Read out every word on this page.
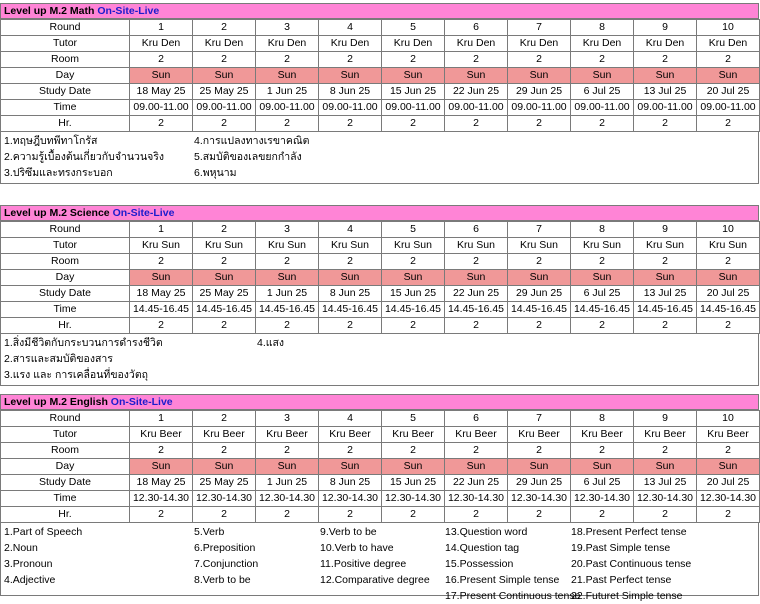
Level up M.2 Math On-Site-Live
Round	1	2	3	4	5	6	7	8	9	10
Tutor	Kru Den	Kru Den	Kru Den	Kru Den	Kru Den	Kru Den	Kru Den	Kru Den	Kru Den	Kru Den
Room	2	2	2	2	2	2	2	2	2	2
Day	Sun	Sun	Sun	Sun	Sun	Sun	Sun	Sun	Sun	Sun
Study Date	18 May 25	25 May 25	1 Jun 25	8 Jun 25	15 Jun 25	22 Jun 25	29 Jun 25	6 Jul 25	13 Jul 25	20 Jul 25
Time	09.00-11.00	09.00-11.00	09.00-11.00	09.00-11.00	09.00-11.00	09.00-11.00	09.00-11.00	09.00-11.00	09.00-11.00	09.00-11.00
Hr.	2	2	2	2	2	2	2	2	2	2
1.ทฤษฎีบทพีทาโกรัส
2.ความรู้เบื้องต้นเกี่ยวกับจำนวนจริง
3.ปริซึมและทรงกระบอก
4.การแปลงทางเรขาคณิต
5.สมบัติของเลขยกกำลัง
6.พหุนาม
Level up M.2 Science On-Site-Live
Round	1	2	3	4	5	6	7	8	9	10
Tutor	Kru Sun	Kru Sun	Kru Sun	Kru Sun	Kru Sun	Kru Sun	Kru Sun	Kru Sun	Kru Sun	Kru Sun
Room	2	2	2	2	2	2	2	2	2	2
Day	Sun	Sun	Sun	Sun	Sun	Sun	Sun	Sun	Sun	Sun
Study Date	18 May 25	25 May 25	1 Jun 25	8 Jun 25	15 Jun 25	22 Jun 25	29 Jun 25	6 Jul 25	13 Jul 25	20 Jul 25
Time	14.45-16.45	14.45-16.45	14.45-16.45	14.45-16.45	14.45-16.45	14.45-16.45	14.45-16.45	14.45-16.45	14.45-16.45	14.45-16.45
Hr.	2	2	2	2	2	2	2	2	2	2
1.สิ่งมีชีวิตกับกระบวนการดำรงชีวิต
2.สารและสมบัติของสาร
3.แรง และ การเคลื่อนที่ของวัตถุ
4.แสง
Level up M.2 English On-Site-Live
Round	1	2	3	4	5	6	7	8	9	10
Tutor	Kru Beer	Kru Beer	Kru Beer	Kru Beer	Kru Beer	Kru Beer	Kru Beer	Kru Beer	Kru Beer	Kru Beer
Room	2	2	2	2	2	2	2	2	2	2
Day	Sun	Sun	Sun	Sun	Sun	Sun	Sun	Sun	Sun	Sun
Study Date	18 May 25	25 May 25	1 Jun 25	8 Jun 25	15 Jun 25	22 Jun 25	29 Jun 25	6 Jul 25	13 Jul 25	20 Jul 25
Time	12.30-14.30	12.30-14.30	12.30-14.30	12.30-14.30	12.30-14.30	12.30-14.30	12.30-14.30	12.30-14.30	12.30-14.30	12.30-14.30
Hr.	2	2	2	2	2	2	2	2	2	2
1.Part of Speech
2.Noun
3.Pronoun
4.Adjective
5.Verb
6.Preposition
7.Conjunction
8.Verb to be
9.Verb to be
10.Verb to have
11.Positive degree
12.Comparative degree
13.Question word
14.Question tag
15.Possession
16.Present Simple tense
17.Present Continuous tense
18.Present Perfect tense
19.Past Simple tense
20.Past Continuous tense
21.Past Perfect tense
22.Futuret Simple tense
